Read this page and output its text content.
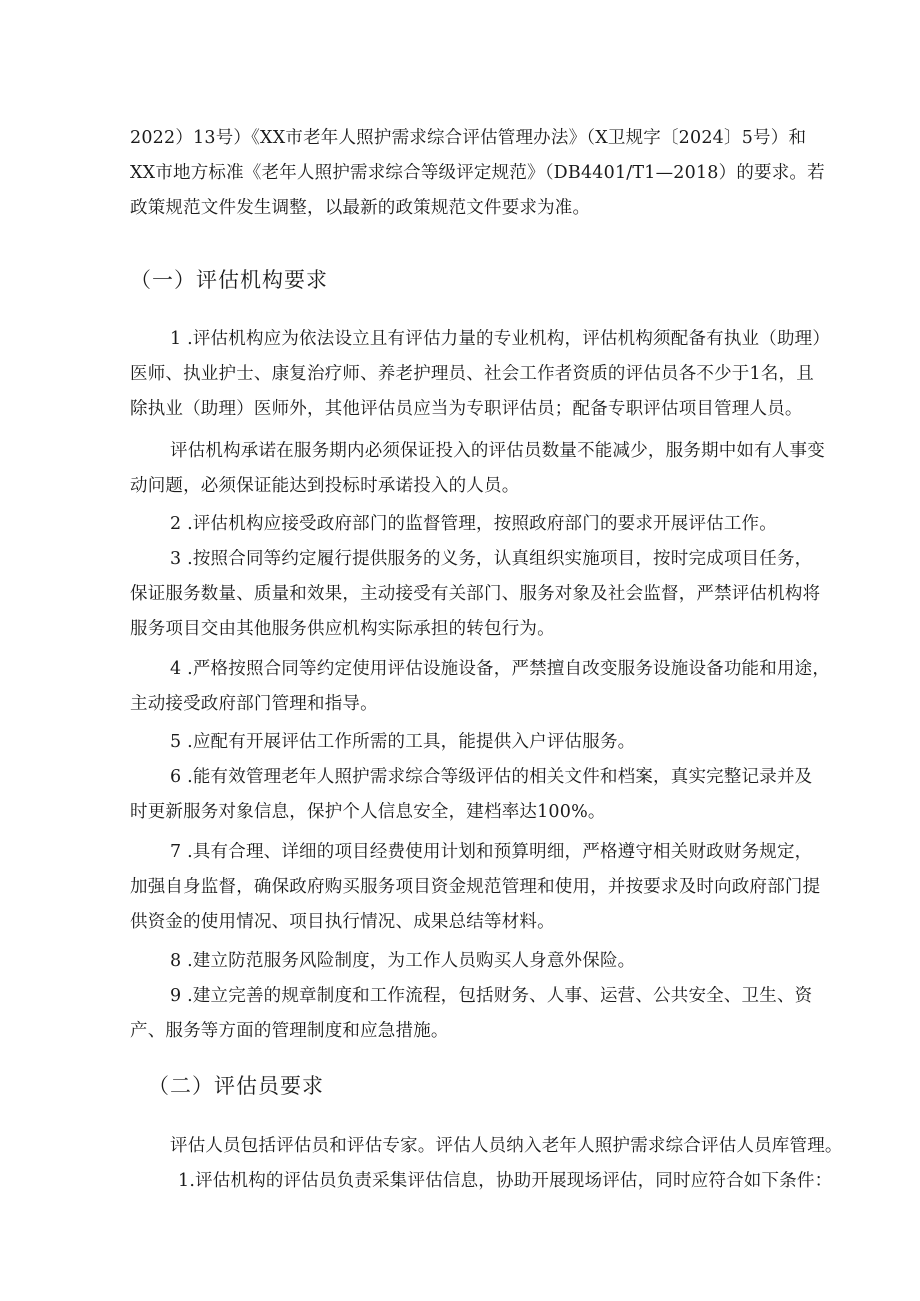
2022）13号）《XX市老年人照护需求综合评估管理办法》（X卫规字〔2024〕5号）和
XX市地方标准《老年人照护需求综合等级评定规范》（DB4401/T1—2018）的要求。若
政策规范文件发生调整，以最新的政策规范文件要求为准。
（一）评估机构要求
1 .评估机构应为依法设立且有评估力量的专业机构，评估机构须配备有执业（助理）
医师、执业护士、康复治疗师、养老护理员、社会工作者资质的评估员各不少于1名，且
除执业（助理）医师外，其他评估员应当为专职评估员；配备专职评估项目管理人员。
评估机构承诺在服务期内必须保证投入的评估员数量不能减少，服务期中如有人事变
动问题，必须保证能达到投标时承诺投入的人员。
2 .评估机构应接受政府部门的监督管理，按照政府部门的要求开展评估工作。
3 .按照合同等约定履行提供服务的义务，认真组织实施项目，按时完成项目任务，
保证服务数量、质量和效果，主动接受有关部门、服务对象及社会监督，严禁评估机构将
服务项目交由其他服务供应机构实际承担的转包行为。
4 .严格按照合同等约定使用评估设施设备，严禁擅自改变服务设施设备功能和用途，
主动接受政府部门管理和指导。
5 .应配有开展评估工作所需的工具，能提供入户评估服务。
6 .能有效管理老年人照护需求综合等级评估的相关文件和档案，真实完整记录并及
时更新服务对象信息，保护个人信息安全，建档率达100%。
7 .具有合理、详细的项目经费使用计划和预算明细，严格遵守相关财政财务规定，
加强自身监督，确保政府购买服务项目资金规范管理和使用，并按要求及时向政府部门提
供资金的使用情况、项目执行情况、成果总结等材料。
8 .建立防范服务风险制度，为工作人员购买人身意外保险。
9 .建立完善的规章制度和工作流程，包括财务、人事、运营、公共安全、卫生、资
产、服务等方面的管理制度和应急措施。
（二）评估员要求
评估人员包括评估员和评估专家。评估人员纳入老年人照护需求综合评估人员库管理。
1.评估机构的评估员负责采集评估信息，协助开展现场评估，同时应符合如下条件：
